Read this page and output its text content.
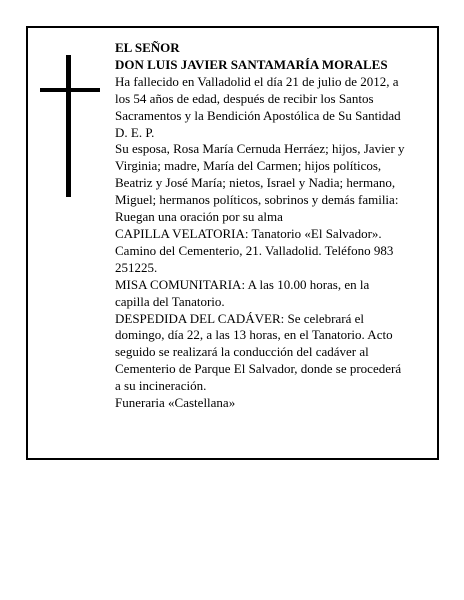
EL SEÑOR
DON LUIS JAVIER SANTAMARÍA MORALES
Ha fallecido en Valladolid el día 21 de julio de 2012, a
los 54 años de edad, después de recibir los Santos
Sacramentos y la Bendición Apostólica de Su Santidad
D. E. P.
Su esposa, Rosa María Cernuda Herráez; hijos, Javier y
Virginia; madre, María del Carmen; hijos políticos,
Beatriz y José María; nietos, Israel y Nadia; hermano,
Miguel; hermanos políticos, sobrinos y demás familia:
Ruegan una oración por su alma
CAPILLA VELATORIA: Tanatorio «El Salvador».
Camino del Cementerio, 21. Valladolid. Teléfono 983
251225.
MISA COMUNITARIA: A las 10.00 horas, en la
capilla del Tanatorio.
DESPEDIDA DEL CADÁVER: Se celebrará el
domingo, día 22, a las 13 horas, en el Tanatorio. Acto
seguido se realizará la conducción del cadáver al
Cementerio de Parque El Salvador, donde se procederá
a su incineración.
Funeraria «Castellana»
